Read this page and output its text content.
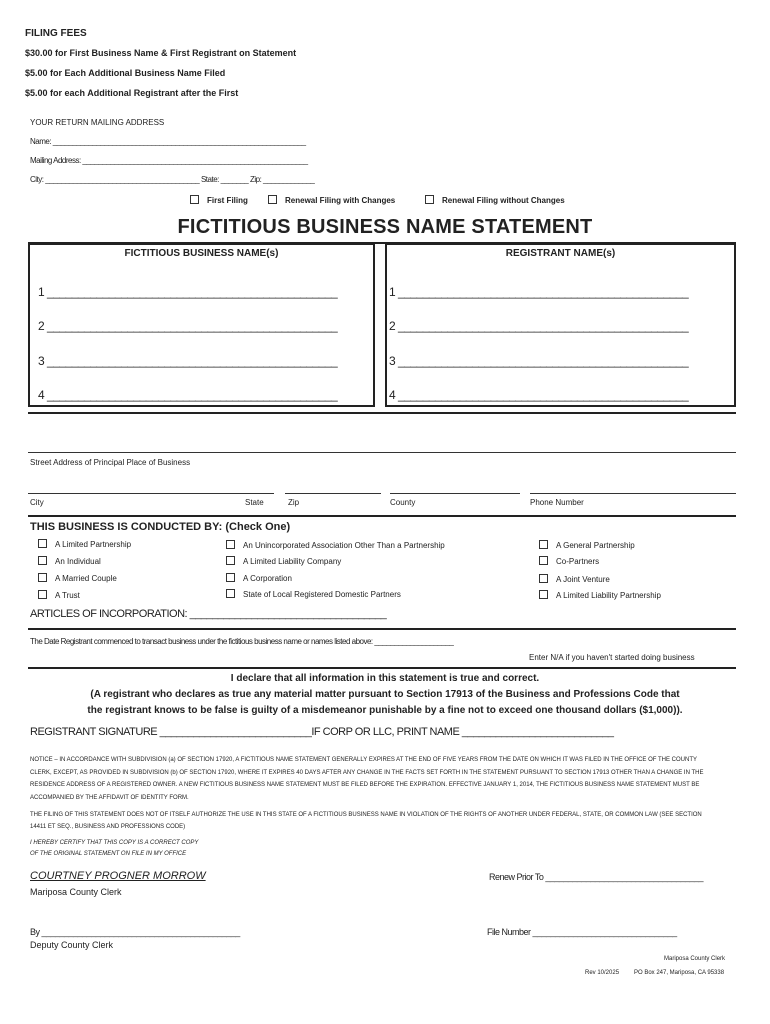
FILING FEES
$30.00 for First Business Name & First Registrant on Statement
$5.00 for Each Additional Business Name Filed
$5.00 for each Additional Registrant after the First
YOUR RETURN MAILING ADDRESS
Name: ________________________________________________________________
Mailing Address: _________________________________________________________
City: _______________________________________ State: _______ Zip: _____________
First Filing	Renewal Filing with Changes	Renewal Filing without Changes
FICTITIOUS BUSINESS NAME STATEMENT
FICTITIOUS BUSINESS NAME(s)	REGISTRANT NAME(s)
1 _______________________________________________
2 _______________________________________________
3 _______________________________________________
4 _______________________________________________
1 _______________________________________________
2 _______________________________________________
3 _______________________________________________
4 _______________________________________________
Street Address of Principal Place of Business
City	State	Zip	County	Phone Number
THIS BUSINESS IS CONDUCTED BY: (Check One)
A Limited Partnership
An Individual
A Married Couple
A Trust
An Unincorporated Association Other Than a Partnership
A Limited Liability Company
A Corporation
State of Local Registered Domestic Partners
A General Partnership
Co-Partners
A Joint Venture
A Limited Liability Partnership
ARTICLES OF INCORPORATION: ___________________________________
The Date Registrant commenced to transact business under the fictitious business name or names listed above: ____________________
Enter N/A if you haven't started doing business
I declare that all information in this statement is true and correct.
(A registrant who declares as true any material matter pursuant to Section 17913 of the Business and Professions Code that
the registrant knows to be false is guilty of a misdemeanor punishable by a fine not to exceed one thousand dollars ($1,000)).
REGISTRANT SIGNATURE ___________________________IF CORP OR LLC, PRINT NAME ___________________________
NOTICE – IN ACCORDANCE WITH SUBDIVISION (a) OF SECTION 17920, A FICTITIOUS NAME STATEMENT GENERALLY EXPIRES AT THE END OF FIVE YEARS FROM THE DATE ON WHICH IT WAS FILED IN THE OFFICE OF THE COUNTY
CLERK, EXCEPT, AS PROVIDED IN SUBDIVISION (b) OF SECTION 17920, WHERE IT EXPIRES 40 DAYS AFTER ANY CHANGE IN THE FACTS SET FORTH IN THE STATEMENT PURSUANT TO SECTION 17913 OTHER THAN A CHANGE IN THE
RESIDENCE ADDRESS OF A REGISTERED OWNER. A NEW FICTITIOUS BUSINESS NAME STATEMENT MUST BE FILED BEFORE THE EXPIRATION. EFFECTIVE JANUARY 1, 2014, THE FICTITIOUS BUSINESS NAME STATEMENT MUST BE
ACCOMPANIED BY THE AFFIDAVIT OF IDENTITY FORM.
THE FILING OF THIS STATEMENT DOES NOT OF ITSELF AUTHORIZE THE USE IN THIS STATE OF A FICTITIOUS BUSINESS NAME IN VIOLATION OF THE RIGHTS OF ANOTHER UNDER FEDERAL, STATE, OR COMMON LAW (SEE SECTION
14411 ET SEQ., BUSINESS AND PROFESSIONS CODE)
I HEREBY CERTIFY THAT THIS COPY IS A CORRECT COPY
OF THE ORIGINAL STATEMENT ON FILE IN MY OFFICE
COURTNEY PROGNER MORROW
Mariposa County Clerk
Renew Prior To ___________________________________
By ____________________________________________
Deputy County Clerk
File Number ________________________________
Mariposa County Clerk
Rev 10/2025 PO Box 247, Mariposa, CA 95338
